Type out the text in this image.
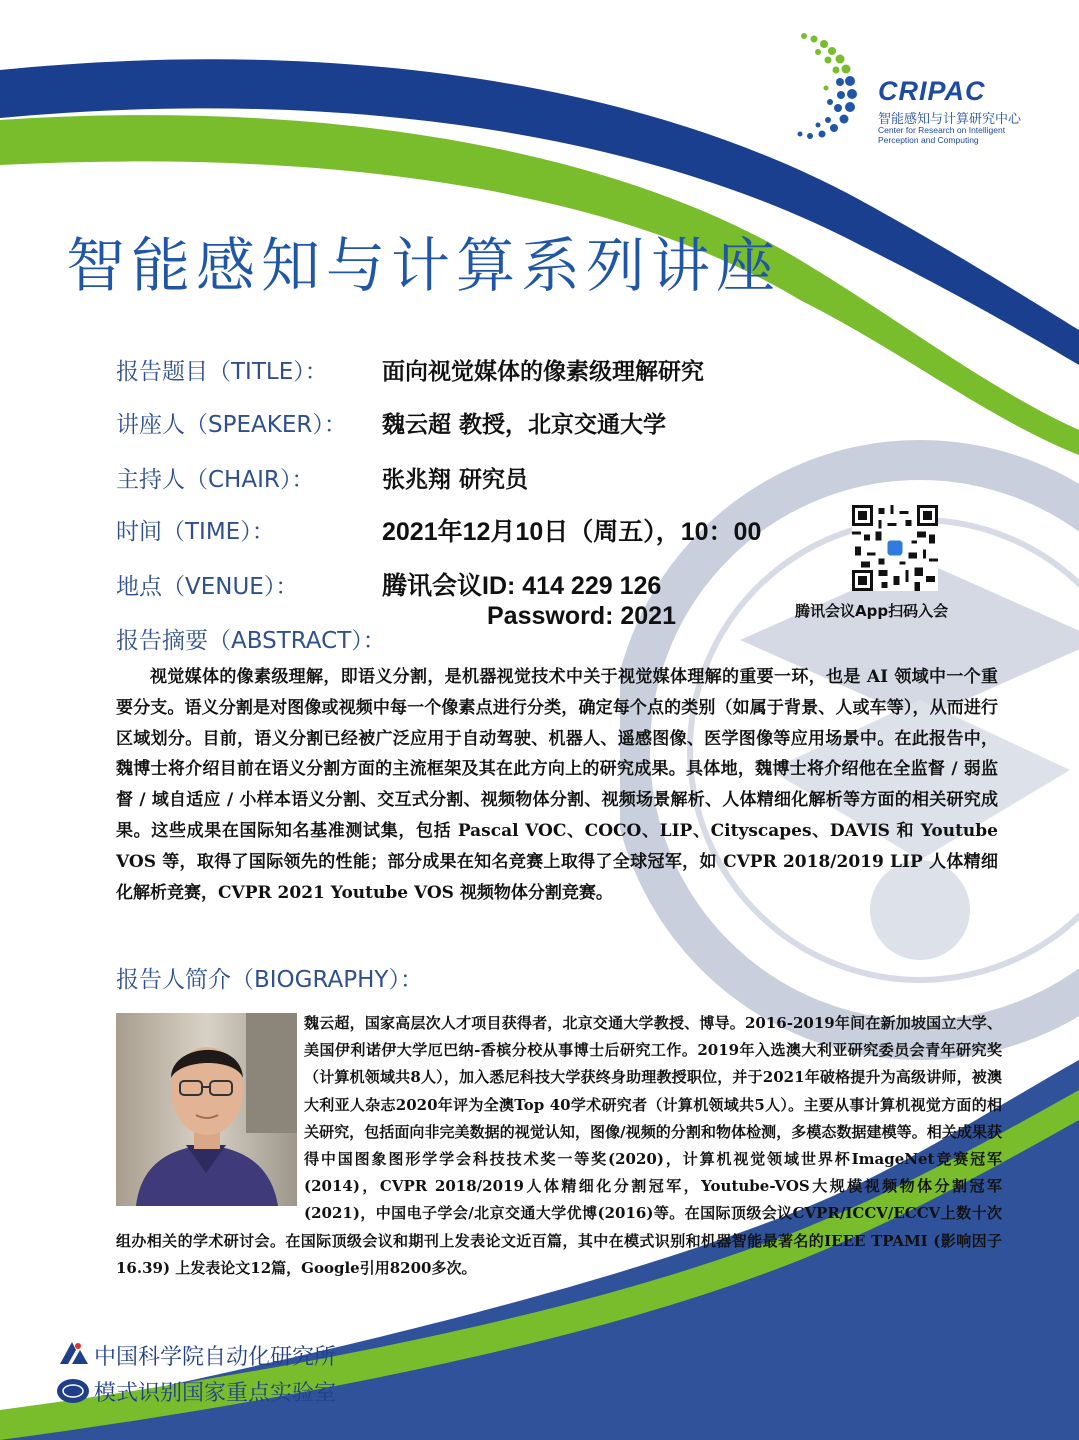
CRIPAC
智能感知与计算研究中心
Center for Research on Intelligent
Perception and Computing
智能感知与计算系列讲座
报告题目（TITLE）： 面向视觉媒体的像素级理解研究
讲座人（SPEAKER）： 魏云超 教授，北京交通大学
主持人（CHAIR）：	张兆翔 研究员
时间（TIME）：	2021年12月10日（周五），10：00
地点（VENUE）：	腾讯会议ID: 414 229 126
Password: 2021	腾讯会议App扫码入会
报告摘要（ABSTRACT）：

视觉媒体的像素级理解，即语义分割，是机器视觉技术中关于视觉媒体理解的重要一环，也是 AI 领域中一个重要分支。语义分割是对图像或视频中每一个像素点进行分类，确定每个点的类别（如属于背景、人或车等），从而进行区域划分。目前，语义分割已经被广泛应用于自动驾驶、机器人、遥感图像、医学图像等应用场景中。在此报告中，魏博士将介绍目前在语义分割方面的主流框架及其在此方向上的研究成果。具体地，魏博士将介绍他在全监督 / 弱监督 / 域自适应 / 小样本语义分割、交互式分割、视频物体分割、视频场景解析、人体精细化解析等方面的相关研究成果。这些成果在国际知名基准测试集，包括 Pascal VOC、COCO、LIP、Cityscapes、DAVIS 和 Youtube VOS 等，取得了国际领先的性能；部分成果在知名竞赛上取得了全球冠军，如 CVPR 2018/2019 LIP 人体精细化解析竞赛，CVPR 2021 Youtube VOS 视频物体分割竞赛。

报告人简介（BIOGRAPHY）：
魏云超，国家高层次人才项目获得者，北京交通大学教授、博导。2016-2019年间在新加坡国立大学、美国伊利诺伊大学厄巴纳-香槟分校从事博士后研究工作。2019年入选澳大利亚研究委员会青年研究奖（计算机领域共8人），加入悉尼科技大学获终身助理教授职位，并于2021年破格提升为高级讲师，被澳大利亚人杂志2020年评为全澳Top 40学术研究者（计算机领域共5人）。主要从事计算机视觉方面的相关研究，包括面向非完美数据的视觉认知，图像/视频的分割和物体检测，多模态数据建模等。相关成果获得中国图象图形学学会科技技术奖一等奖(2020)，计算机视觉领域世界杯ImageNet竞赛冠军 (2014)，CVPR 2018/2019人体精细化分割冠军，Youtube-VOS大规模视频物体分割冠军(2021)，中国电子学会/北京交通大学优博(2016)等。在国际顶级会议CVPR/ICCV/ECCV上数十次组办相关的学术研讨会。在国际顶级会议和期刊上发表论文近百篇，其中在模式识别和机器智能最著名的IEEE TPAMI (影响因子16.39) 上发表论文12篇，Google引用8200多次。
中国科学院自动化研究所
模式识别国家重点实验室
